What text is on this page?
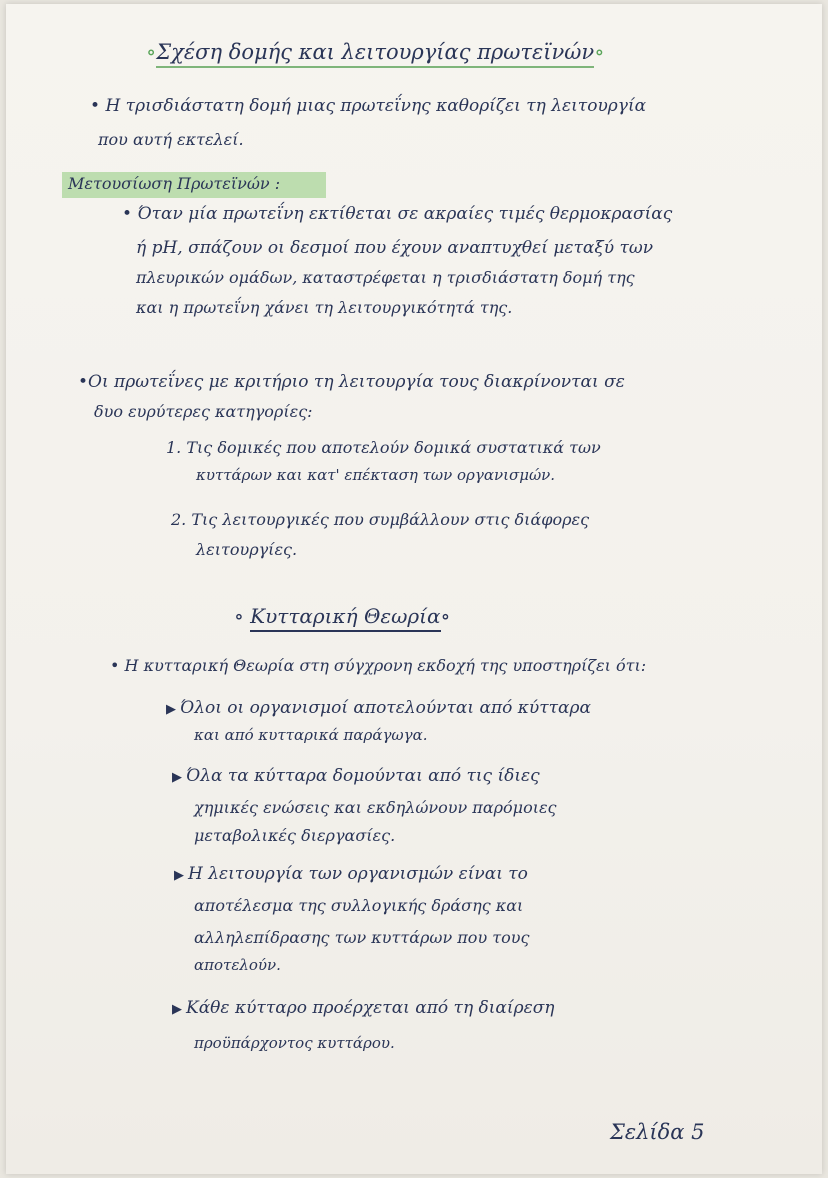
∘Σχέση δομής και λειτουργίας πρωτεϊνών∘
• Η τρισδιάστατη δομή μιας πρωτεΐνης καθορίζει τη λειτουργία
που αυτή εκτελεί.
Μετουσίωση Πρωτεϊνών :
• Όταν μία πρωτεΐνη εκτίθεται σε ακραίες τιμές θερμοκρασίας
ή pH, σπάζουν οι δεσμοί που έχουν αναπτυχθεί μεταξύ των
πλευρικών ομάδων, καταστρέφεται η τρισδιάστατη δομή της
και η πρωτεΐνη χάνει τη λειτουργικότητά της.
•Οι πρωτεΐνες με κριτήριο τη λειτουργία τους διακρίνονται σε
δυο ευρύτερες κατηγορίες:
1. Τις δομικές που αποτελούν δομικά συστατικά των
κυττάρων και κατ' επέκταση των οργανισμών.
2. Τις λειτουργικές που συμβάλλουν στις διάφορες
λειτουργίες.
∘ Κυτταρική Θεωρία∘
• Η κυτταρική Θεωρία στη σύγχρονη εκδοχή της υποστηρίζει ότι:
▶ Όλοι οι οργανισμοί αποτελούνται από κύτταρα
και από κυτταρικά παράγωγα.
▶ Όλα τα κύτταρα δομούνται από τις ίδιες
χημικές ενώσεις και εκδηλώνουν παρόμοιες
μεταβολικές διεργασίες.
▶ Η λειτουργία των οργανισμών είναι το
αποτέλεσμα της συλλογικής δράσης και
αλληλεπίδρασης των κυττάρων που τους
αποτελούν.
▶ Κάθε κύτταρο προέρχεται από τη διαίρεση
προϋπάρχοντος κυττάρου.
Σελίδα 5
